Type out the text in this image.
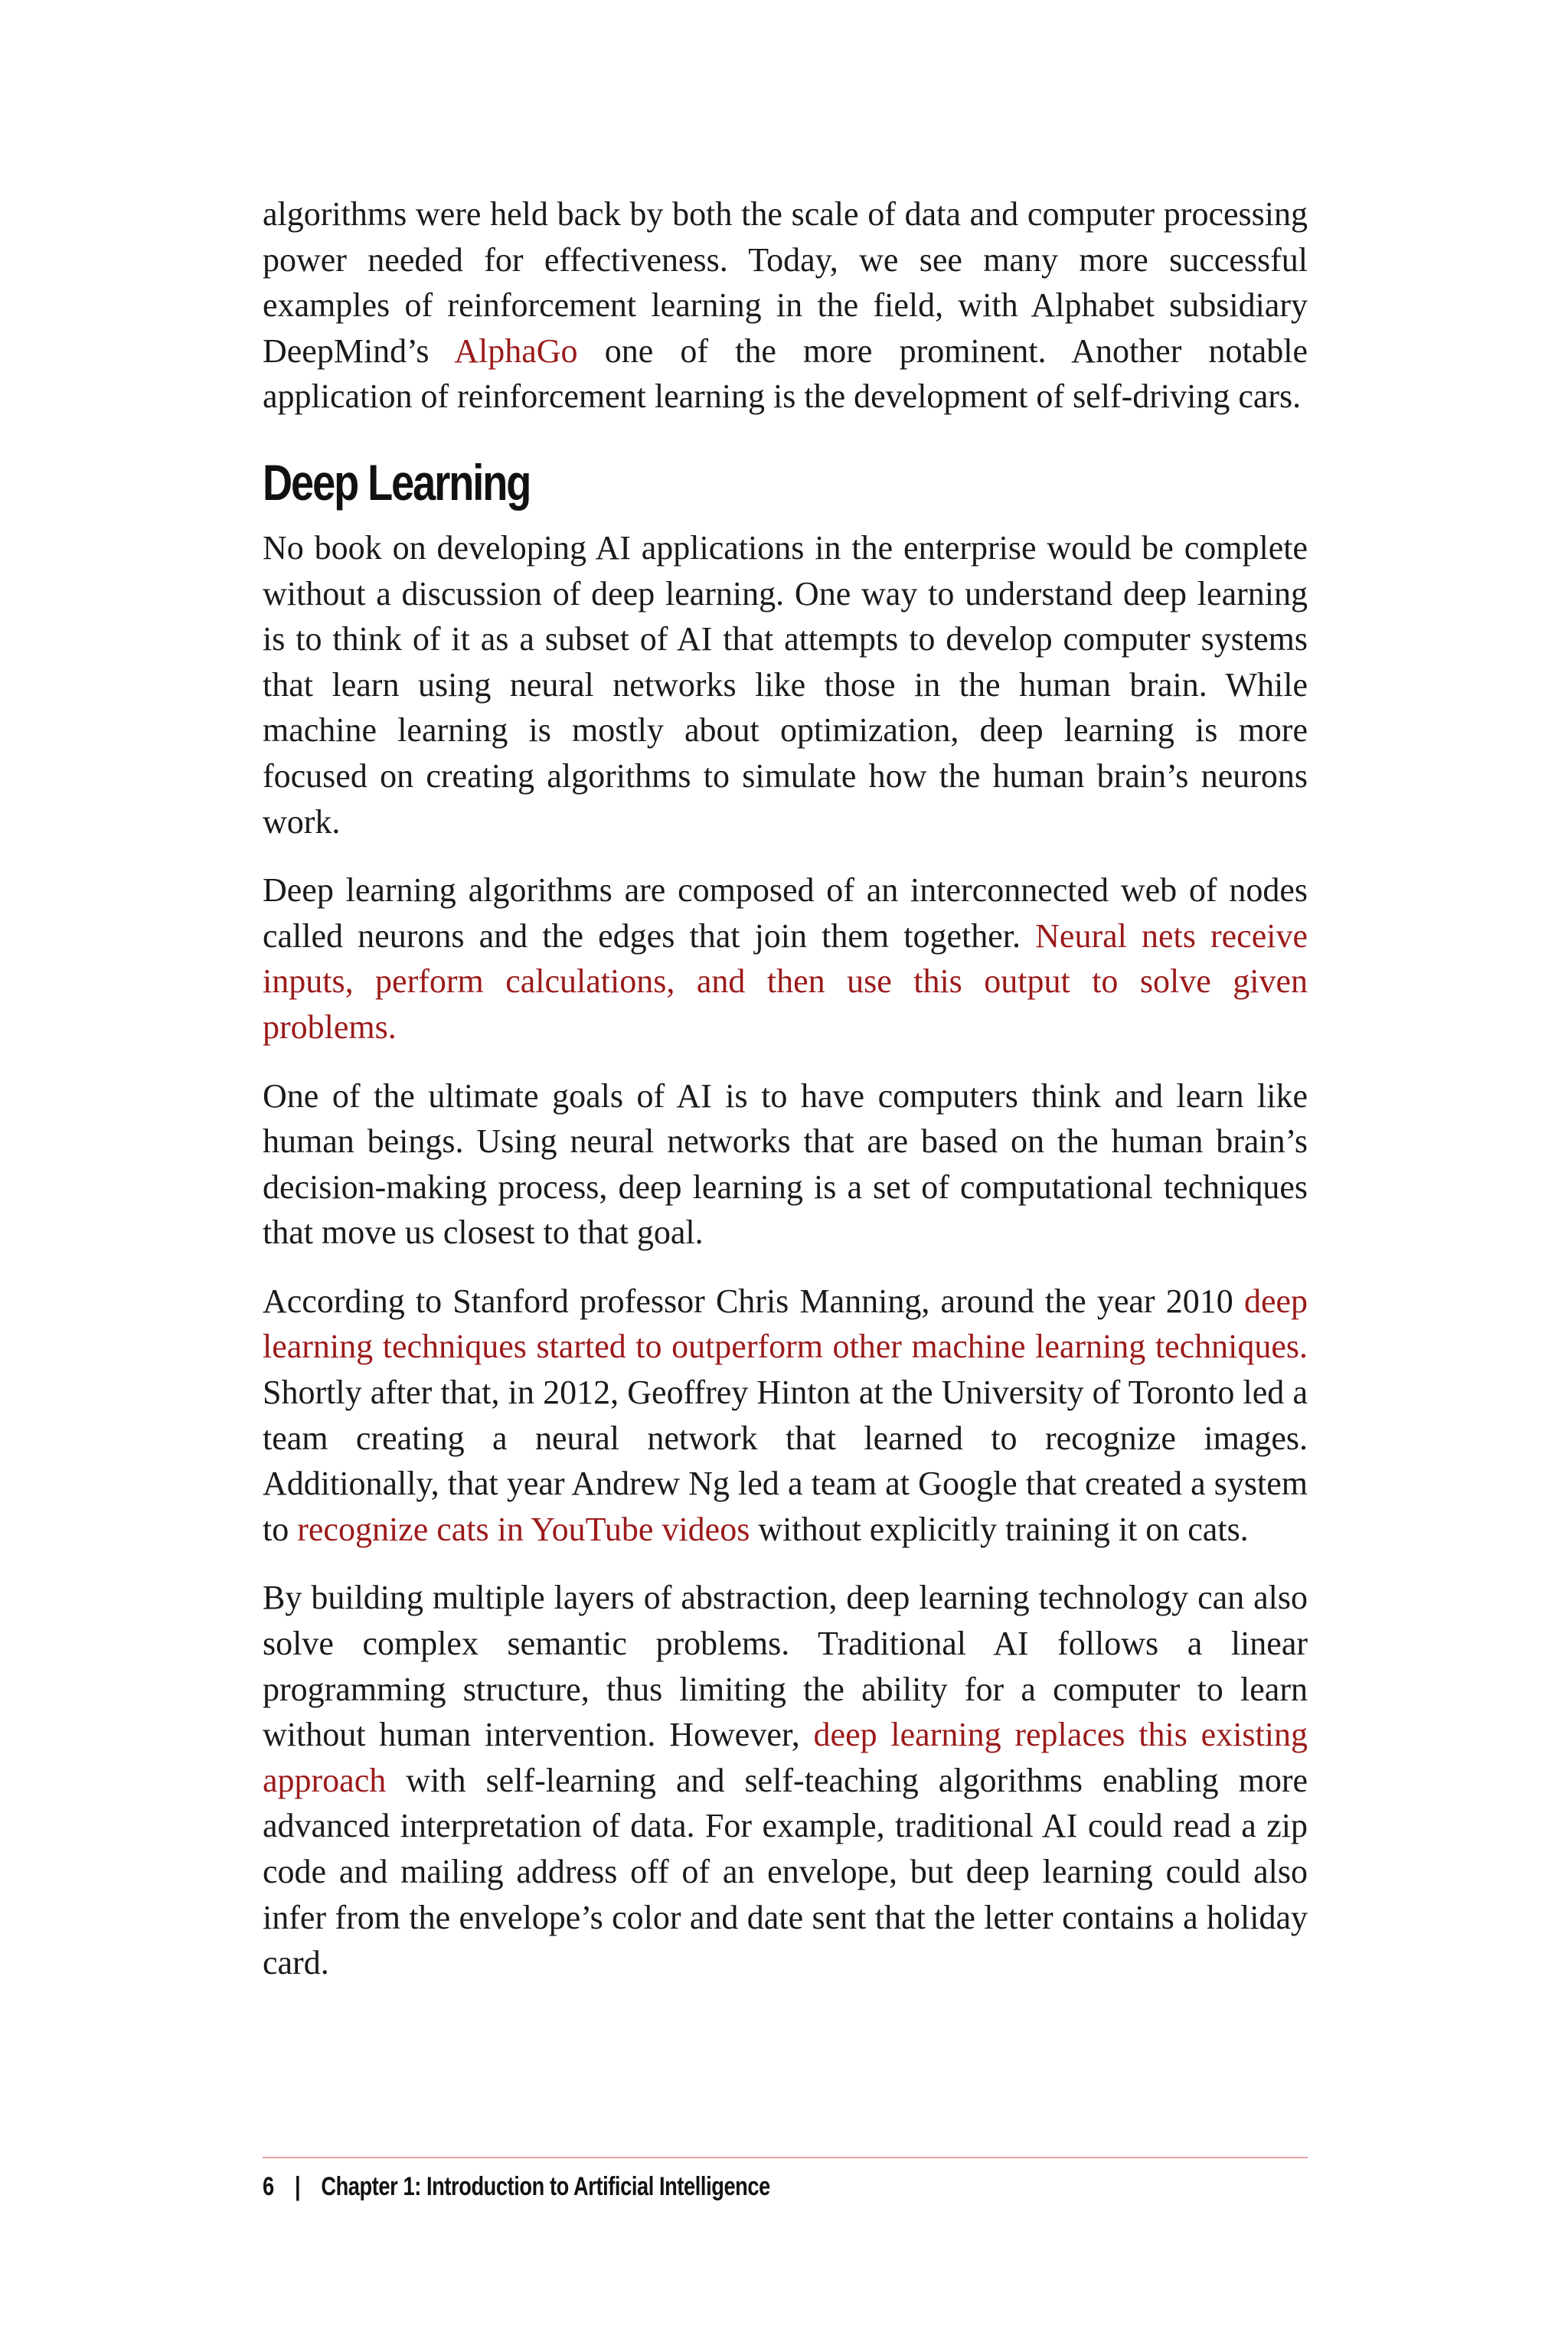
algorithms were held back by both the scale of data and computer processing power needed for effectiveness. Today, we see many more successful examples of reinforcement learning in the field, with Alphabet subsidiary DeepMind’s AlphaGo one of the more prominent. Another notable application of reinforcement learning is the development of self-driving cars.

Deep Learning

No book on developing AI applications in the enterprise would be complete without a discussion of deep learning. One way to understand deep learning is to think of it as a subset of AI that attempts to develop computer systems that learn using neural networks like those in the human brain. While machine learning is mostly about optimization, deep learning is more focused on creating algorithms to simulate how the human brain’s neurons work.

Deep learning algorithms are composed of an interconnected web of nodes called neurons and the edges that join them together. Neural nets receive inputs, perform calculations, and then use this output to solve given problems.

One of the ultimate goals of AI is to have computers think and learn like human beings. Using neural networks that are based on the human brain’s decision-making process, deep learning is a set of computational techniques that move us closest to that goal.

According to Stanford professor Chris Manning, around the year 2010 deep learning techniques started to outperform other machine learning techniques. Shortly after that, in 2012, Geoffrey Hinton at the University of Toronto led a team creating a neural network that learned to recognize images. Additionally, that year Andrew Ng led a team at Google that created a system to recognize cats in YouTube videos without explicitly training it on cats.

By building multiple layers of abstraction, deep learning technology can also solve complex semantic problems. Traditional AI follows a linear programming structure, thus limiting the ability for a computer to learn without human intervention. However, deep learning replaces this existing approach with self-learning and self-teaching algorithms enabling more advanced interpretation of data. For example, traditional AI could read a zip code and mailing address off of an envelope, but deep learning could also infer from the envelope’s color and date sent that the letter contains a holiday card.

6 | Chapter 1: Introduction to Artificial Intelligence
